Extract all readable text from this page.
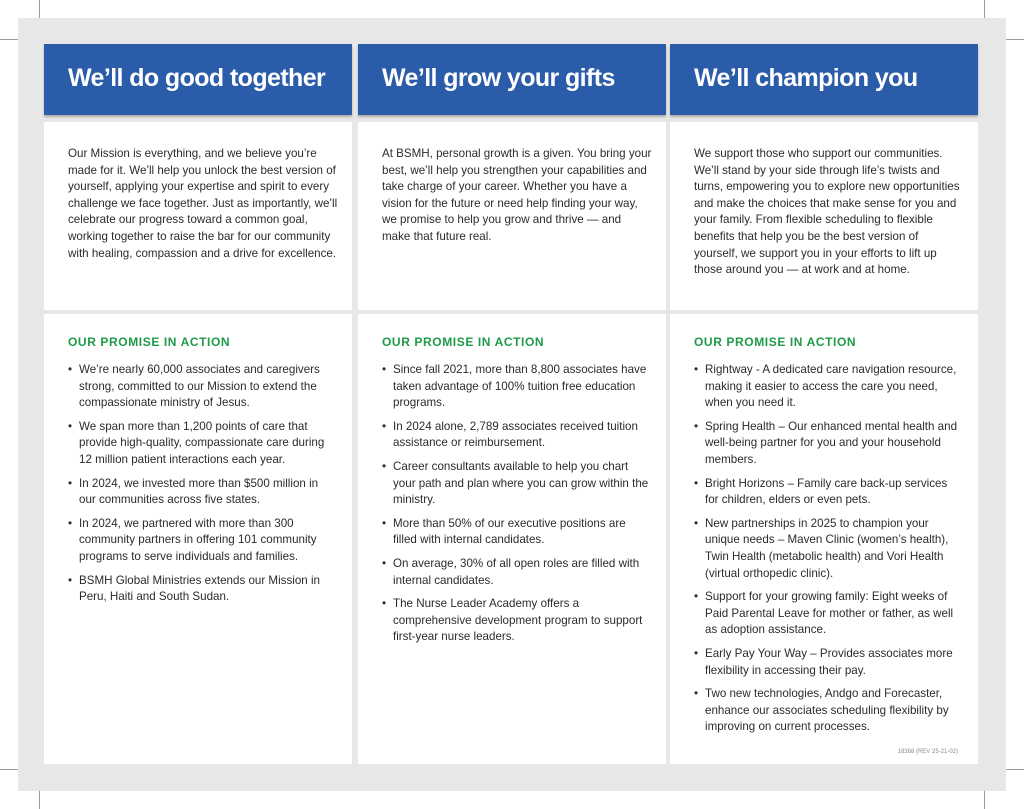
We’ll do good together

Our Mission is everything, and we believe you’re made for it. We’ll help you unlock the best version of yourself, applying your expertise and spirit to every challenge we face together. Just as importantly, we’ll celebrate our progress toward a common goal, working together to raise the bar for our community with healing, compassion and a drive for excellence.

OUR PROMISE IN ACTION
• We’re nearly 60,000 associates and caregivers strong, committed to our Mission to extend the compassionate ministry of Jesus.
• We span more than 1,200 points of care that provide high-quality, compassionate care during 12 million patient interactions each year.
• In 2024, we invested more than $500 million in our communities across five states.
• In 2024, we partnered with more than 300 community partners in offering 101 community programs to serve individuals and families.
• BSMH Global Ministries extends our Mission in Peru, Haiti and South Sudan.
We’ll grow your gifts

At BSMH, personal growth is a given. You bring your best, we’ll help you strengthen your capabilities and take charge of your career. Whether you have a vision for the future or need help finding your way, we promise to help you grow and thrive — and make that future real.

OUR PROMISE IN ACTION
• Since fall 2021, more than 8,800 associates have taken advantage of 100% tuition free education programs.
• In 2024 alone, 2,789 associates received tuition assistance or reimbursement.
• Career consultants available to help you chart your path and plan where you can grow within the ministry.
• More than 50% of our executive positions are filled with internal candidates.
• On average, 30% of all open roles are filled with internal candidates.
• The Nurse Leader Academy offers a comprehensive development program to support first-year nurse leaders.
We’ll champion you

We support those who support our communities. We’ll stand by your side through life’s twists and turns, empowering you to explore new opportunities and make the choices that make sense for you and your family. From flexible scheduling to flexible benefits that help you be the best version of yourself, we support you in your efforts to lift up those around you — at work and at home.

OUR PROMISE IN ACTION
• Rightway - A dedicated care navigation resource, making it easier to access the care you need, when you need it.
• Spring Health – Our enhanced mental health and well-being partner for you and your household members.
• Bright Horizons – Family care back-up services for children, elders or even pets.
• New partnerships in 2025 to champion your unique needs – Maven Clinic (women’s health), Twin Health (metabolic health) and Vori Health (virtual orthopedic clinic).
• Support for your growing family: Eight weeks of Paid Parental Leave for mother or father, as well as adoption assistance.
• Early Pay Your Way – Provides associates more flexibility in accessing their pay.
• Two new technologies, Andgo and Forecaster, enhance our associates scheduling flexibility by improving on current processes.
18368 (REV 25-21-02)
